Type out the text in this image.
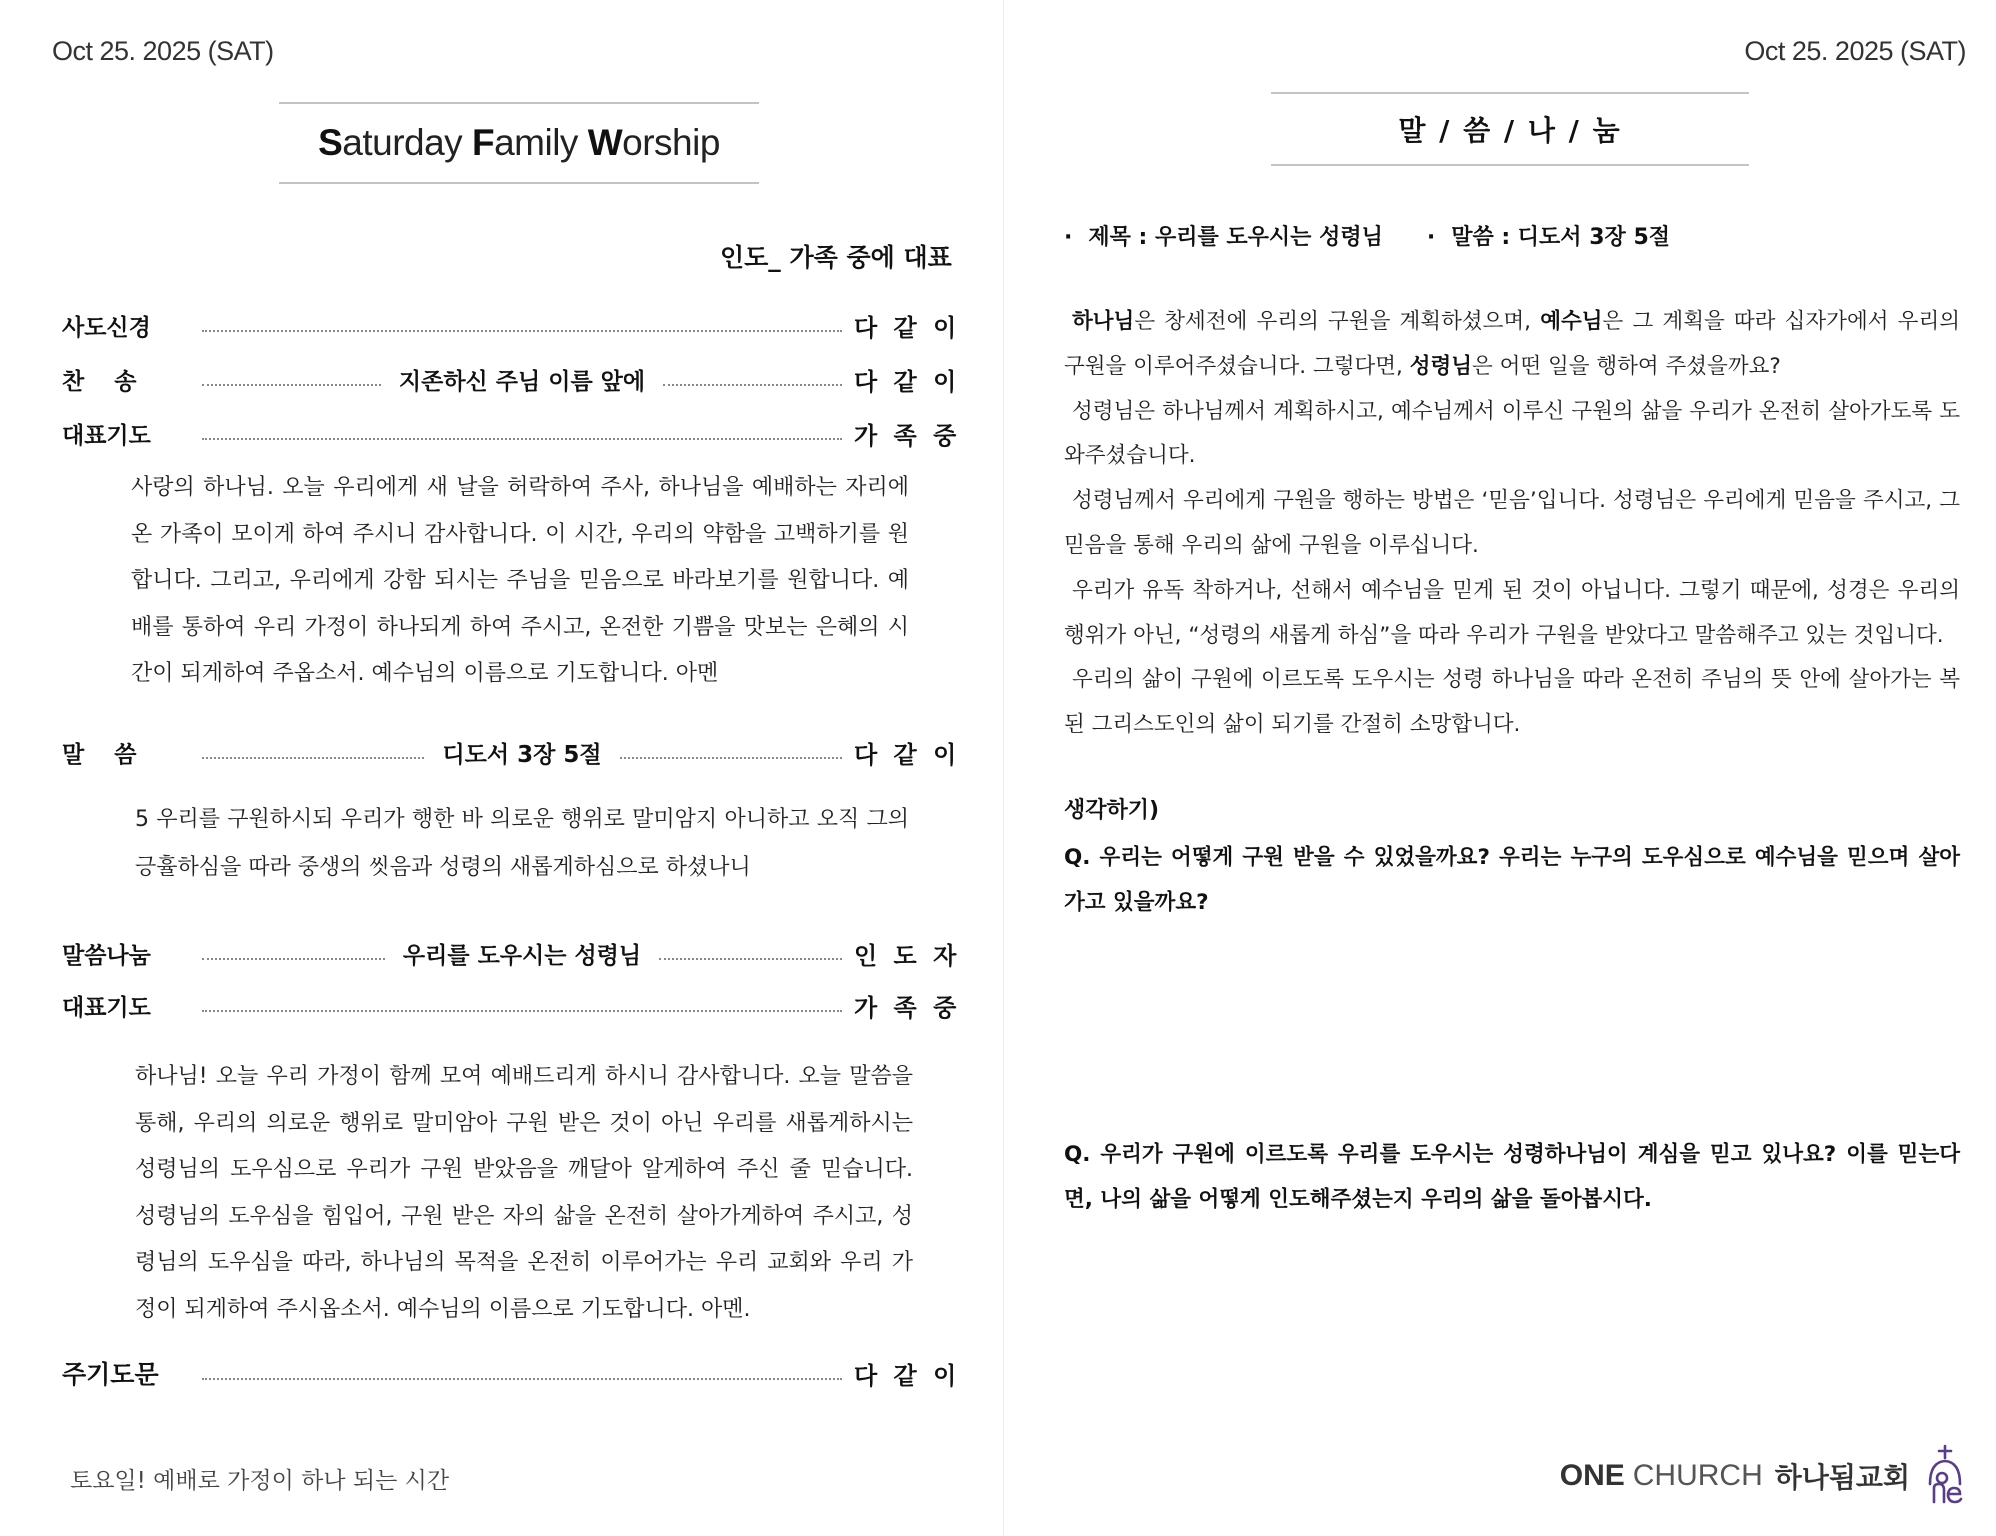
Oct 25. 2025 (SAT)
Saturday Family Worship
인도_ 가족 중에 대표
사도신경	다 같 이
찬송	지존하신 주님 이름 앞에	다 같 이
대표기도	가 족 중
사랑의 하나님. 오늘 우리에게 새 날을 허락하여 주사, 하나님을 예배하는 자리에 온 가족이 모이게 하여 주시니 감사합니다. 이 시간, 우리의 약함을 고백하기를 원합니다. 그리고, 우리에게 강함 되시는 주님을 믿음으로 바라보기를 원합니다. 예배를 통하여 우리 가정이 하나되게 하여 주시고, 온전한 기쁨을 맛보는 은혜의 시간이 되게하여 주옵소서. 예수님의 이름으로 기도합니다. 아멘
말씀	디도서 3장 5절	다 같 이
5 우리를 구원하시되 우리가 행한 바 의로운 행위로 말미암지 아니하고 오직 그의 긍휼하심을 따라 중생의 씻음과 성령의 새롭게하심으로 하셨나니
말씀나눔	우리를 도우시는 성령님	인 도 자
대표기도	가 족 중
하나님! 오늘 우리 가정이 함께 모여 예배드리게 하시니 감사합니다. 오늘 말씀을 통해, 우리의 의로운 행위로 말미암아 구원 받은 것이 아닌 우리를 새롭게하시는 성령님의 도우심으로 우리가 구원 받았음을 깨달아 알게하여 주신 줄 믿습니다. 성령님의 도우심을 힘입어, 구원 받은 자의 삶을 온전히 살아가게하여 주시고, 성령님의 도우심을 따라, 하나님의 목적을 온전히 이루어가는 우리 교회와 우리 가정이 되게하여 주시옵소서. 예수님의 이름으로 기도합니다. 아멘.
주기도문	다 같 이
토요일! 예배로 가정이 하나 되는 시간
Oct 25. 2025 (SAT)
말 / 씀 / 나 / 눔
· 제목 : 우리를 도우시는 성령님
·	말씀 : 디도서 3장 5절

하나님은 창세전에 우리의 구원을 계획하셨으며, 예수님은 그 계획을 따라 십자가에서 우리의 구원을 이루어주셨습니다. 그렇다면, 성령님은 어떤 일을 행하여 주셨을까요?

성령님은 하나님께서 계획하시고, 예수님께서 이루신 구원의 삶을 우리가 온전히 살아가도록 도와주셨습니다.

성령님께서 우리에게 구원을 행하는 방법은 ‘믿음’입니다. 성령님은 우리에게 믿음을 주시고, 그 믿음을 통해 우리의 삶에 구원을 이루십니다.

우리가 유독 착하거나, 선해서 예수님을 믿게 된 것이 아닙니다. 그렇기 때문에, 성경은 우리의 행위가 아닌, “성령의 새롭게 하심”을 따라 우리가 구원을 받았다고 말씀해주고 있는 것입니다.

우리의 삶이 구원에 이르도록 도우시는 성령 하나님을 따라 온전히 주님의 뜻 안에 살아가는 복된 그리스도인의 삶이 되기를 간절히 소망합니다.

생각하기)
Q. 우리는 어떻게 구원 받을 수 있었을까요? 우리는 누구의 도우심으로 예수님을 믿으며 살아가고 있을까요?
Q. 우리가 구원에 이르도록 우리를 도우시는 성령하나님이 계심을 믿고 있나요? 이를 믿는다면, 나의 삶을 어떻게 인도해주셨는지 우리의 삶을 돌아봅시다.
ONE CHURCH 하나됨교회
